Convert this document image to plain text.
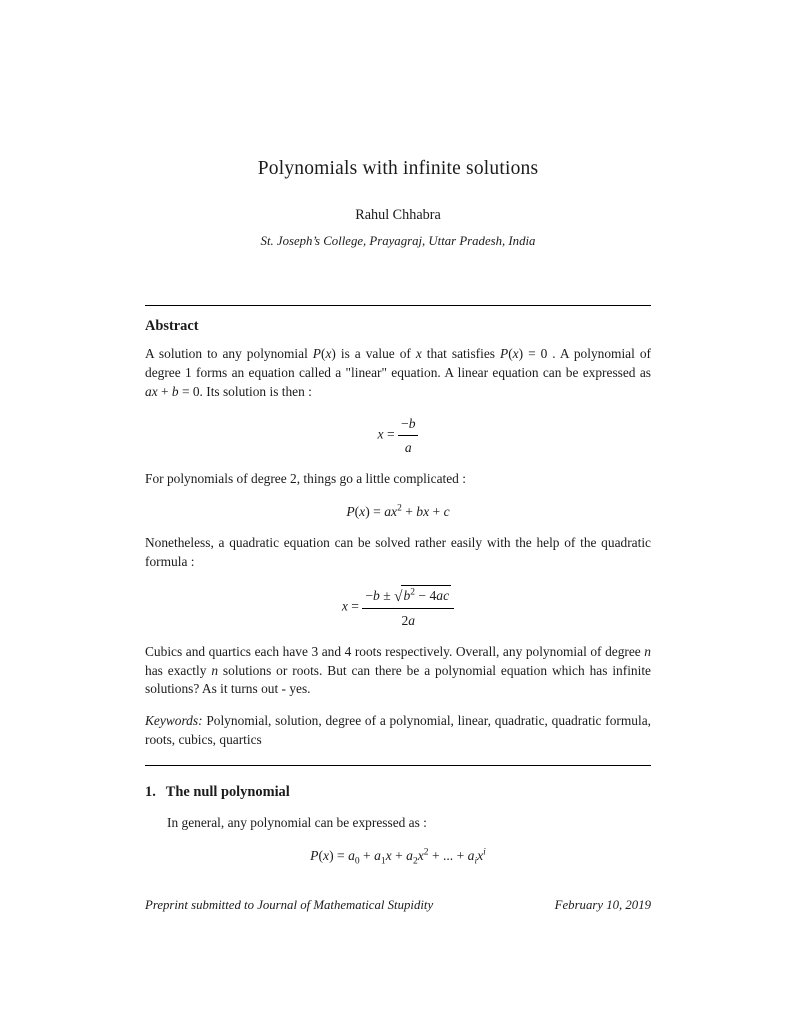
Polynomials with infinite solutions
Rahul Chhabra
St. Joseph’s College, Prayagraj, Uttar Pradesh, India
Abstract

A solution to any polynomial P(x) is a value of x that satisfies P(x) = 0 . A polynomial of degree 1 forms an equation called a "linear" equation. A linear equation can be expressed as ax + b = 0. Its solution is then :

$x = \frac{-b}{a}$

For polynomials of degree 2, things go a little complicated :

$P(x) = ax^2$ + bx + c

Nonetheless, a quadratic equation can be solved rather easily with the help of the quadratic formula :

$x = \frac{-b \pm √b^2 - 4ac}{2a}$

Cubics and quartics each have 3 and 4 roots respectively. Overall, any polynomial of degree n has exactly n solutions or roots. But can there be a polynomial equation which has infinite solutions? As it turns out - yes.

Keywords: Polynomial, solution, degree of a polynomial, linear, quadratic, quadratic formula, roots, cubics, quartics

1. The null polynomial

In general, any polynomial can be expressed as :

$P(x) = a_0 + a_1x + a_2x^2$ + ... + $a_ix^i$
Preprint submitted to Journal of Mathematical Stupidity	February 10, 2019
